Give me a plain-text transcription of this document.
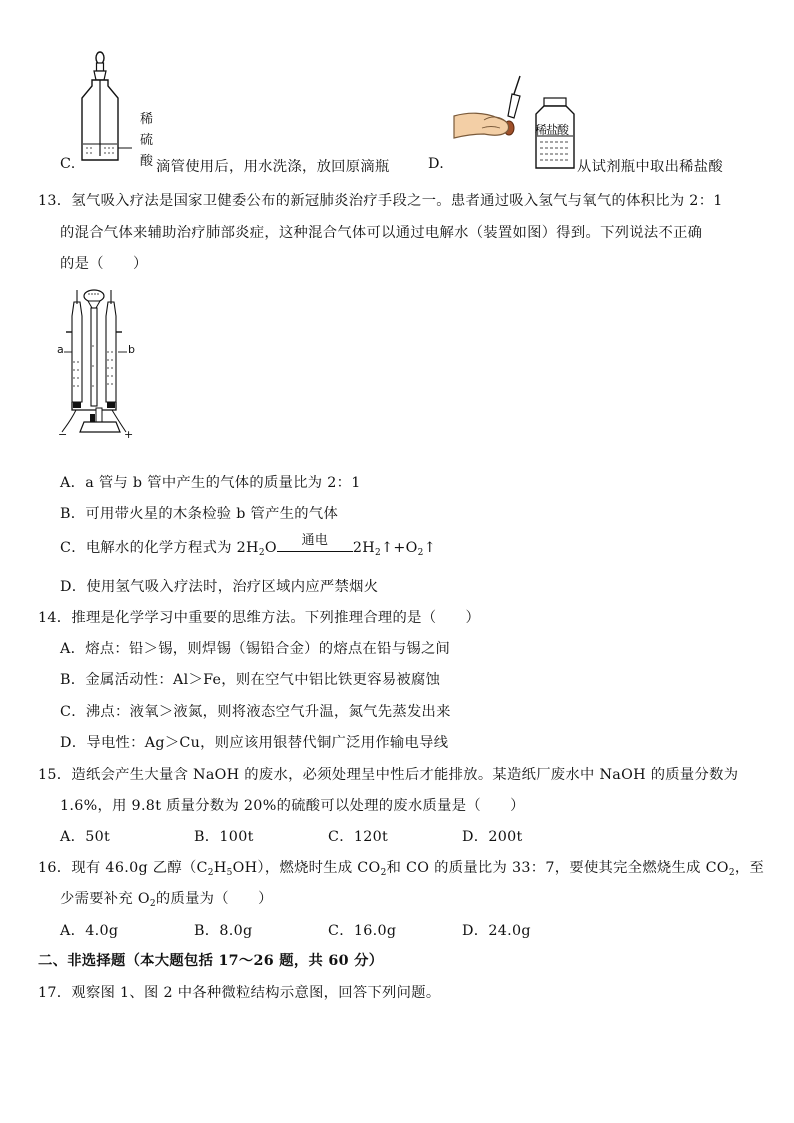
稀
硫
酸
C.	滴管使用后，用水洗涤，放回原滴瓶	D.
稀盐酸
从试剂瓶中取出稀盐酸
13．氢气吸入疗法是国家卫健委公布的新冠肺炎治疗手段之一。患者通过吸入氢气与氧气的体积比为 2：1
的混合气体来辅助治疗肺部炎症，这种混合气体可以通过电解水（装置如图）得到。下列说法不正确
的是（　　）
a	b
−	+
A．a 管与 b 管中产生的气体的质量比为 2：1
B．可用带火星的木条检验 b 管产生的气体
C．电解水的化学方程式为 $2H_2O$	通电	$2H_2↑+O_2↑$
D．使用氢气吸入疗法时，治疗区域内应严禁烟火
14．推理是化学学习中重要的思维方法。下列推理合理的是（　　）
A．熔点：铅＞锡，则焊锡（锡铅合金）的熔点在铅与锡之间
B．金属活动性：Al＞Fe，则在空气中铝比铁更容易被腐蚀
C．沸点：液氧＞液氮，则将液态空气升温，氮气先蒸发出来
D．导电性：Ag＞Cu，则应该用银替代铜广泛用作输电导线
15．造纸会产生大量含 NaOH 的废水，必须处理呈中性后才能排放。某造纸厂废水中 NaOH 的质量分数为
1.6%，用 9.8t 质量分数为 20%的硫酸可以处理的废水质量是（　　）
A．50t	B．100t	C．120t	D．200t
16．现有 46.0g 乙醇$(C_2H_5OH)$，燃烧时生成 $CO_2$和 CO 的质量比为 33：7，要使其完全燃烧生成 $CO_2$，至
少需要补充 $O_2$的质量为（　　）
A．4.0g	B．8.0g	C．16.0g	D．24.0g
二、非选择题（本大题包括 17～26 题，共 60 分）
17．观察图 1、图 2 中各种微粒结构示意图，回答下列问题。
